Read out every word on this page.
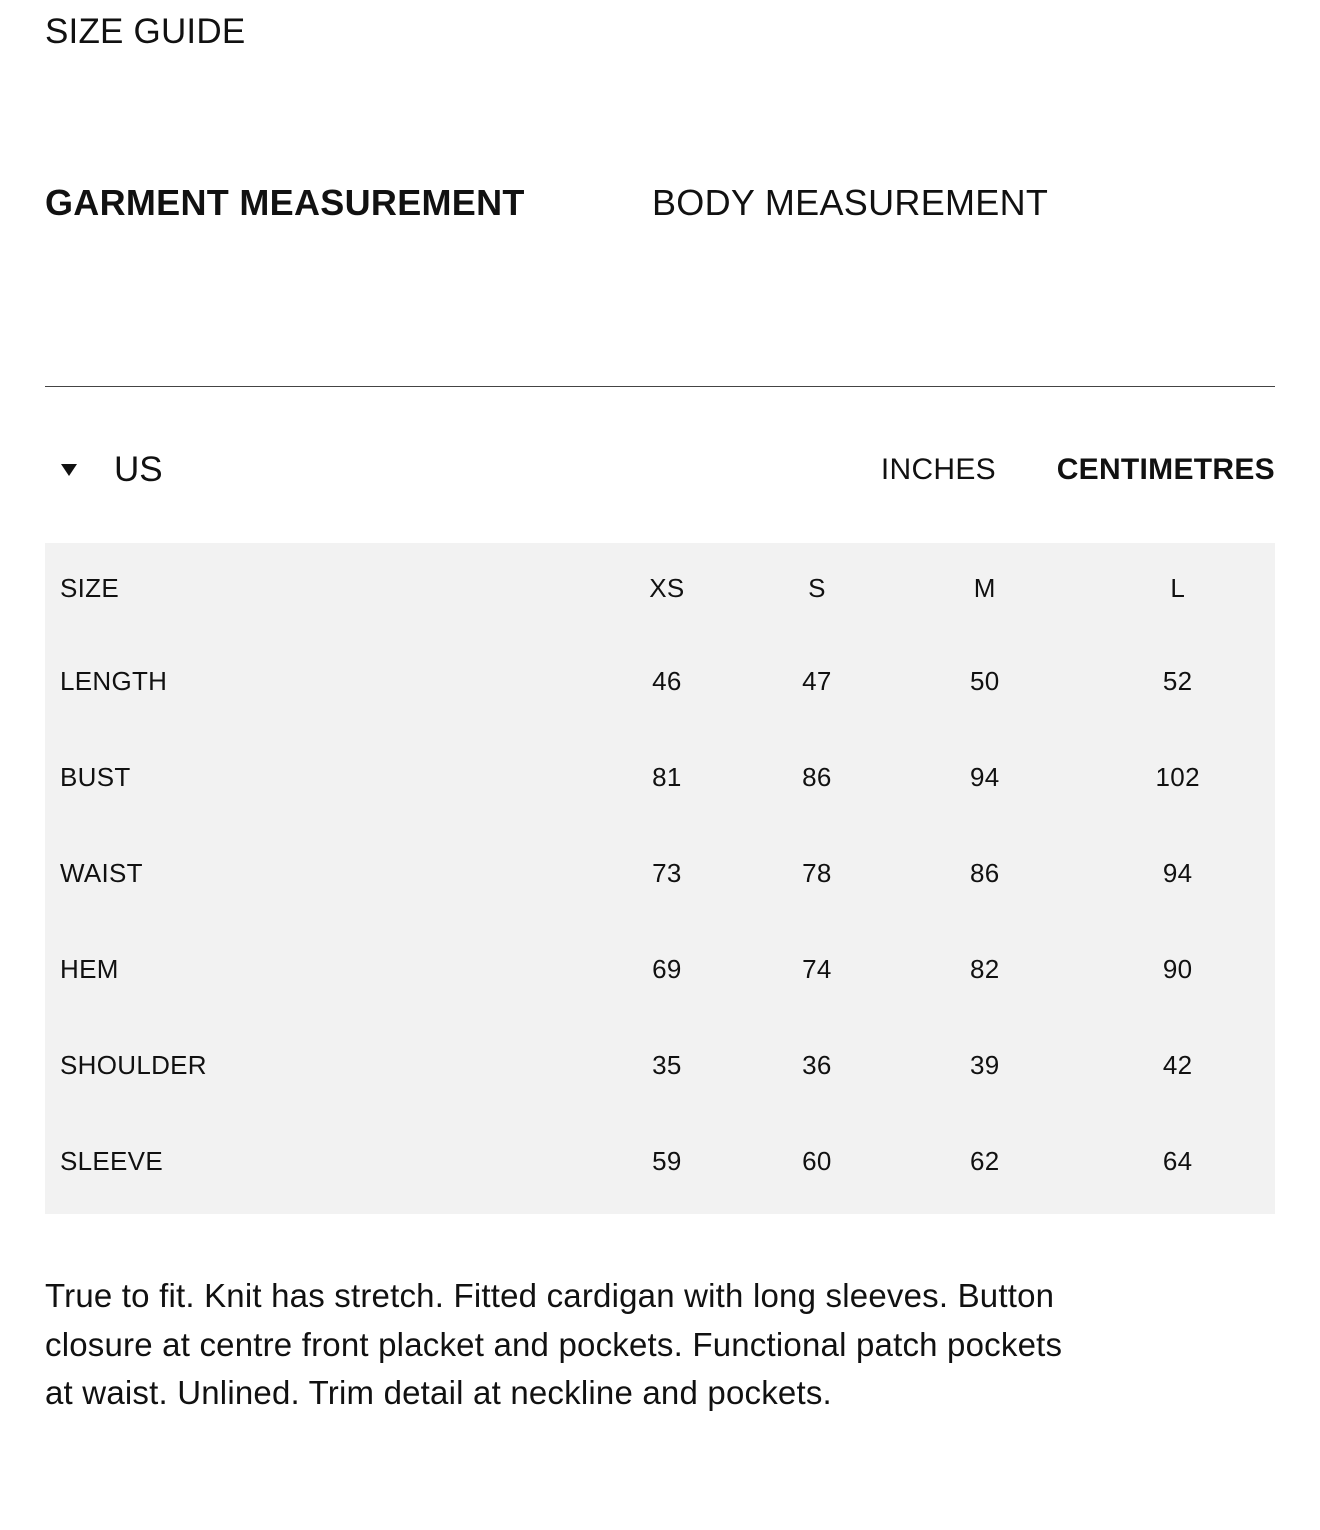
SIZE GUIDE
GARMENT MEASUREMENT	BODY MEASUREMENT
US	INCHES CENTIMETRES
SIZE	XS	S	M	L
LENGTH	46	47	50	52
BUST	81	86	94	102
WAIST	73	78	86	94
HEM	69	74	82	90
SHOULDER	35	36	39	42
SLEEVE	59	60	62	64

True to fit. Knit has stretch. Fitted cardigan with long sleeves. Button closure at centre front placket and pockets. Functional patch pockets at waist. Unlined. Trim detail at neckline and pockets.
